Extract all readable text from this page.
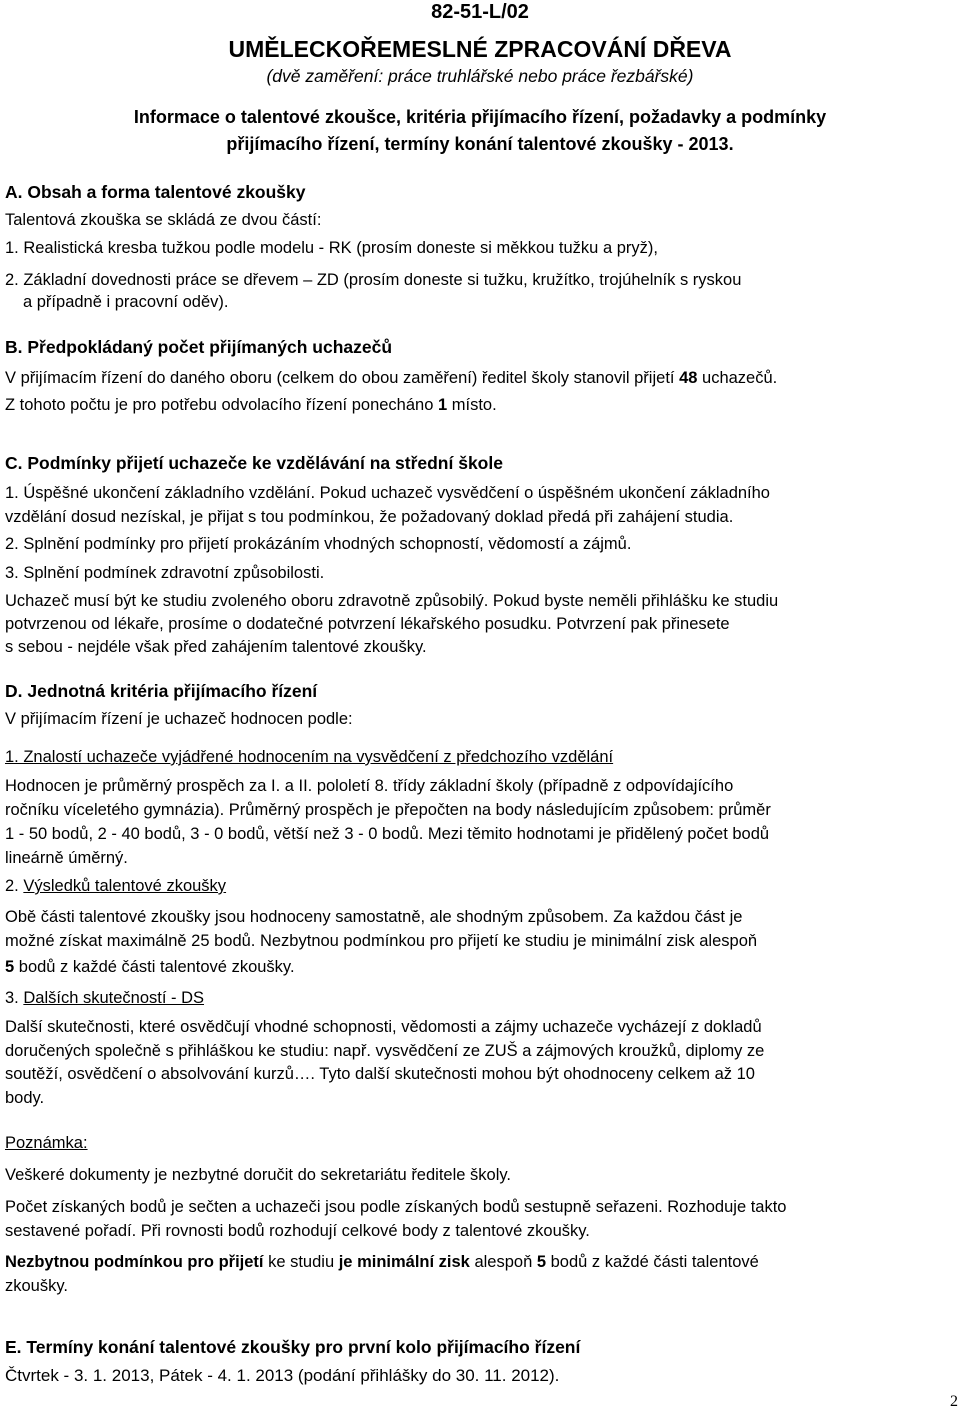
82-51-L/02
UMĚLECKOŘEMESLNÉ ZPRACOVÁNÍ DŘEVA
(dvě zaměření: práce truhlářské nebo práce řezbářské)
Informace o talentové zkoušce, kritéria přijímacího řízení, požadavky a podmínky
přijímacího řízení, termíny konání talentové zkoušky - 2013.
A. Obsah a forma talentové zkoušky
Talentová zkouška se skládá ze dvou částí:
1. Realistická kresba tužkou podle modelu - RK (prosím doneste si měkkou tužku a pryž),
2. Základní dovednosti práce se dřevem – ZD (prosím doneste si tužku, kružítko, trojúhelník s ryskou
a případně i pracovní oděv).
B. Předpokládaný počet přijímaných uchazečů
V přijímacím řízení do daného oboru (celkem do obou zaměření) ředitel školy stanovil přijetí 48 uchazečů.
Z tohoto počtu je pro potřebu odvolacího řízení ponecháno 1 místo.
C. Podmínky přijetí uchazeče ke vzdělávání na střední škole
1. Úspěšné ukončení základního vzdělání. Pokud uchazeč vysvědčení o úspěšném ukončení základního
vzdělání dosud nezískal, je přijat s tou podmínkou, že požadovaný doklad předá při zahájení studia.
2. Splnění podmínky pro přijetí prokázáním vhodných schopností, vědomostí a zájmů.
3. Splnění podmínek zdravotní způsobilosti.
Uchazeč musí být ke studiu zvoleného oboru zdravotně způsobilý. Pokud byste neměli přihlášku ke studiu
potvrzenou od lékaře, prosíme o dodatečné potvrzení lékařského posudku. Potvrzení pak přinesete
s sebou - nejdéle však před zahájením talentové zkoušky.
D. Jednotná kritéria přijímacího řízení
V přijímacím řízení je uchazeč hodnocen podle:
1. Znalostí uchazeče vyjádřené hodnocením na vysvědčení z předchozího vzdělání
Hodnocen je průměrný prospěch za I. a II. pololetí 8. třídy základní školy (případně z odpovídajícího
ročníku víceletého gymnázia). Průměrný prospěch je přepočten na body následujícím způsobem: průměr
1 - 50 bodů, 2 - 40 bodů, 3 - 0 bodů, větší než 3 - 0 bodů. Mezi těmito hodnotami je přidělený počet bodů
lineárně úměrný.
2. Výsledků talentové zkoušky
Obě části talentové zkoušky jsou hodnoceny samostatně, ale shodným způsobem. Za každou část je
možné získat maximálně 25 bodů. Nezbytnou podmínkou pro přijetí ke studiu je minimální zisk alespoň
5 bodů z každé části talentové zkoušky.
3. Dalších skutečností - DS
Další skutečnosti, které osvědčují vhodné schopnosti, vědomosti a zájmy uchazeče vycházejí z dokladů
doručených společně s přihláškou ke studiu: např. vysvědčení ze ZUŠ a zájmových kroužků, diplomy ze
soutěží, osvědčení o absolvování kurzů…. Tyto další skutečnosti mohou být ohodnoceny celkem až 10
body.
Poznámka:
Veškeré dokumenty je nezbytné doručit do sekretariátu ředitele školy.
Počet získaných bodů je sečten a uchazeči jsou podle získaných bodů sestupně seřazeni. Rozhoduje takto
sestavené pořadí. Při rovnosti bodů rozhodují celkové body z talentové zkoušky.
Nezbytnou podmínkou pro přijetí ke studiu je minimální zisk alespoň 5 bodů z každé části talentové
zkoušky.
E. Termíny konání talentové zkoušky pro první kolo přijímacího řízení
Čtvrtek - 3. 1. 2013, Pátek - 4. 1. 2013 (podání přihlášky do 30. 11. 2012).
2
